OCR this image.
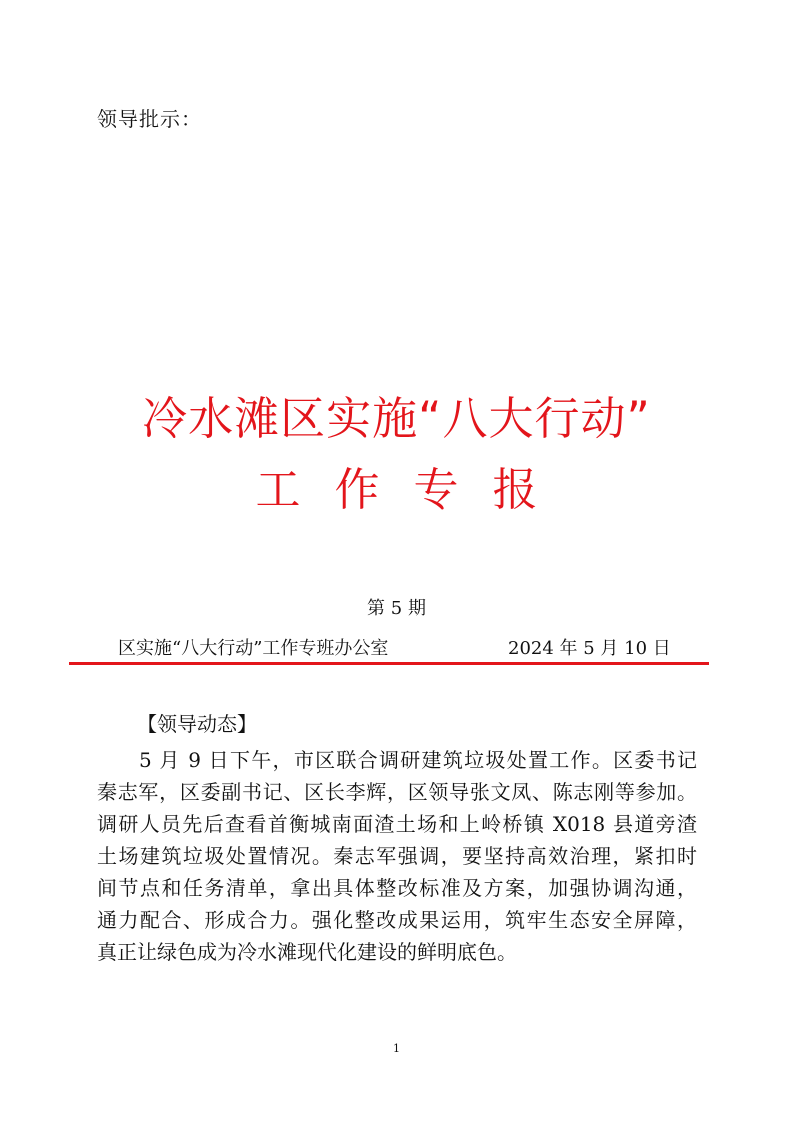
领导批示：
冷水滩区实施“八大行动”
工作专报
第 5 期
区实施“八大行动”工作专班办公室	2024 年 5 月 10 日
【领导动态】
5 月 9 日下午，市区联合调研建筑垃圾处置工作。区委书记
秦志军，区委副书记、区长李辉，区领导张文凤、陈志刚等参加。
调研人员先后查看首衡城南面渣土场和上岭桥镇 X018 县道旁渣
土场建筑垃圾处置情况。秦志军强调，要坚持高效治理，紧扣时
间节点和任务清单，拿出具体整改标准及方案，加强协调沟通，
通力配合、形成合力。强化整改成果运用，筑牢生态安全屏障，
真正让绿色成为冷水滩现代化建设的鲜明底色。
1
